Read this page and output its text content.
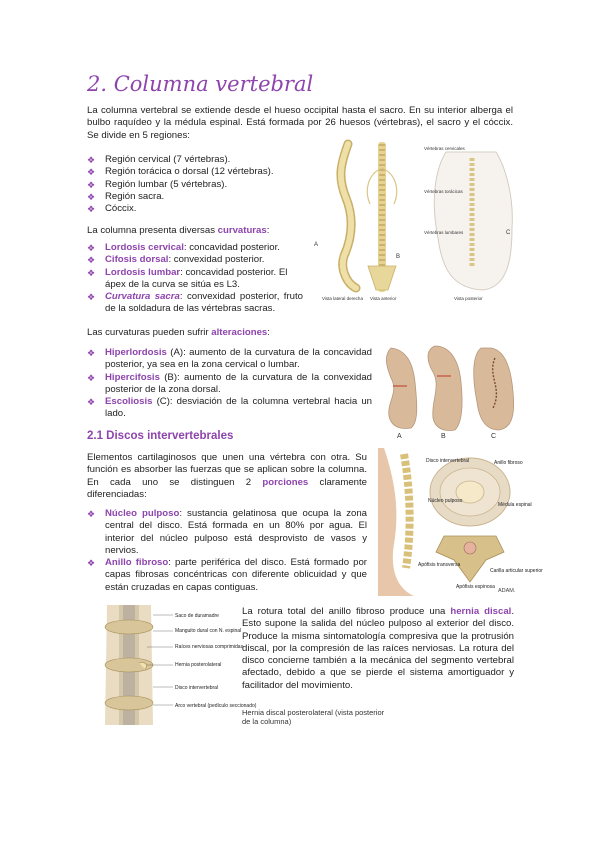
2. Columna vertebral

La columna vertebral se extiende desde el hueso occipital hasta el sacro. En su interior alberga el bulbo raquídeo y la médula espinal. Está formada por 26 huesos (vértebras), el sacro y el cóccix. Se divide en 5 regiones:

❖ Región cervical (7 vértebras).
❖ Región torácica o dorsal (12 vértebras).
❖ Región lumbar (5 vértebras).
❖ Región sacra.
❖ Cóccix.

La columna presenta diversas curvaturas:

❖ Lordosis cervical: concavidad posterior.
❖ Cifosis dorsal: convexidad posterior.
❖ Lordosis lumbar: concavidad posterior. El ápex de la curva se sitúa es L3.
❖ Curvatura sacra: convexidad posterior, fruto de la soldadura de las vértebras sacras.

Las curvaturas pueden sufrir alteraciones:

❖ Hiperlordosis (A): aumento de la curvatura de la concavidad posterior, ya sea en la zona cervical o lumbar.
❖ Hipercifosis (B): aumento de la curvatura de la convexidad posterior de la zona dorsal.
❖ Escoliosis (C): desviación de la columna vertebral hacia un lado.
2.1 Discos intervertebrales

Elementos cartilaginosos que unen una vértebra con otra. Su función es absorber las fuerzas que se aplican sobre la columna. En cada uno se distinguen 2 porciones claramente diferenciadas:

❖ Núcleo pulposo: sustancia gelatinosa que ocupa la zona central del disco. Está formada en un 80% por agua. El interior del núcleo pulposo está desprovisto de vasos y nervios.
❖ Anillo fibroso: parte periférica del disco. Está formado por capas fibrosas concéntricas con diferente oblicuidad y que están cruzadas en capas contiguas.

La rotura total del anillo fibroso produce una hernia discal. Esto supone la salida del núcleo pulposo al exterior del disco. Produce la misma sintomatología compresiva que la protrusión discal, por la compresión de las raíces nerviosas. La rotura del disco concierne también a la mecánica del segmento vertebral afectado, debido a que se pierde el sistema amortiguador y facilitador del movimiento.

Hernia discal posterolateral (vista posterior de la columna)
Vértebras cervicales
Vértebras torácicas
Vértebras lumbares
A
B
C
Vista lateral derecha Vista anterior	Vista posterior
A	B	C
Disco intervertebral	Anillo fibroso
Núcleo pulposo
Médula espinal
Apófisis transversa
Carilla articular superior
Apófisis espinosa
ADAM.
Saco de duramadre
Manguito dural con N. espinal
Raíces nerviosas comprimidas
Hernia posterolateral
Disco intervertebral
Arco vertebral (pedículo seccionado)
